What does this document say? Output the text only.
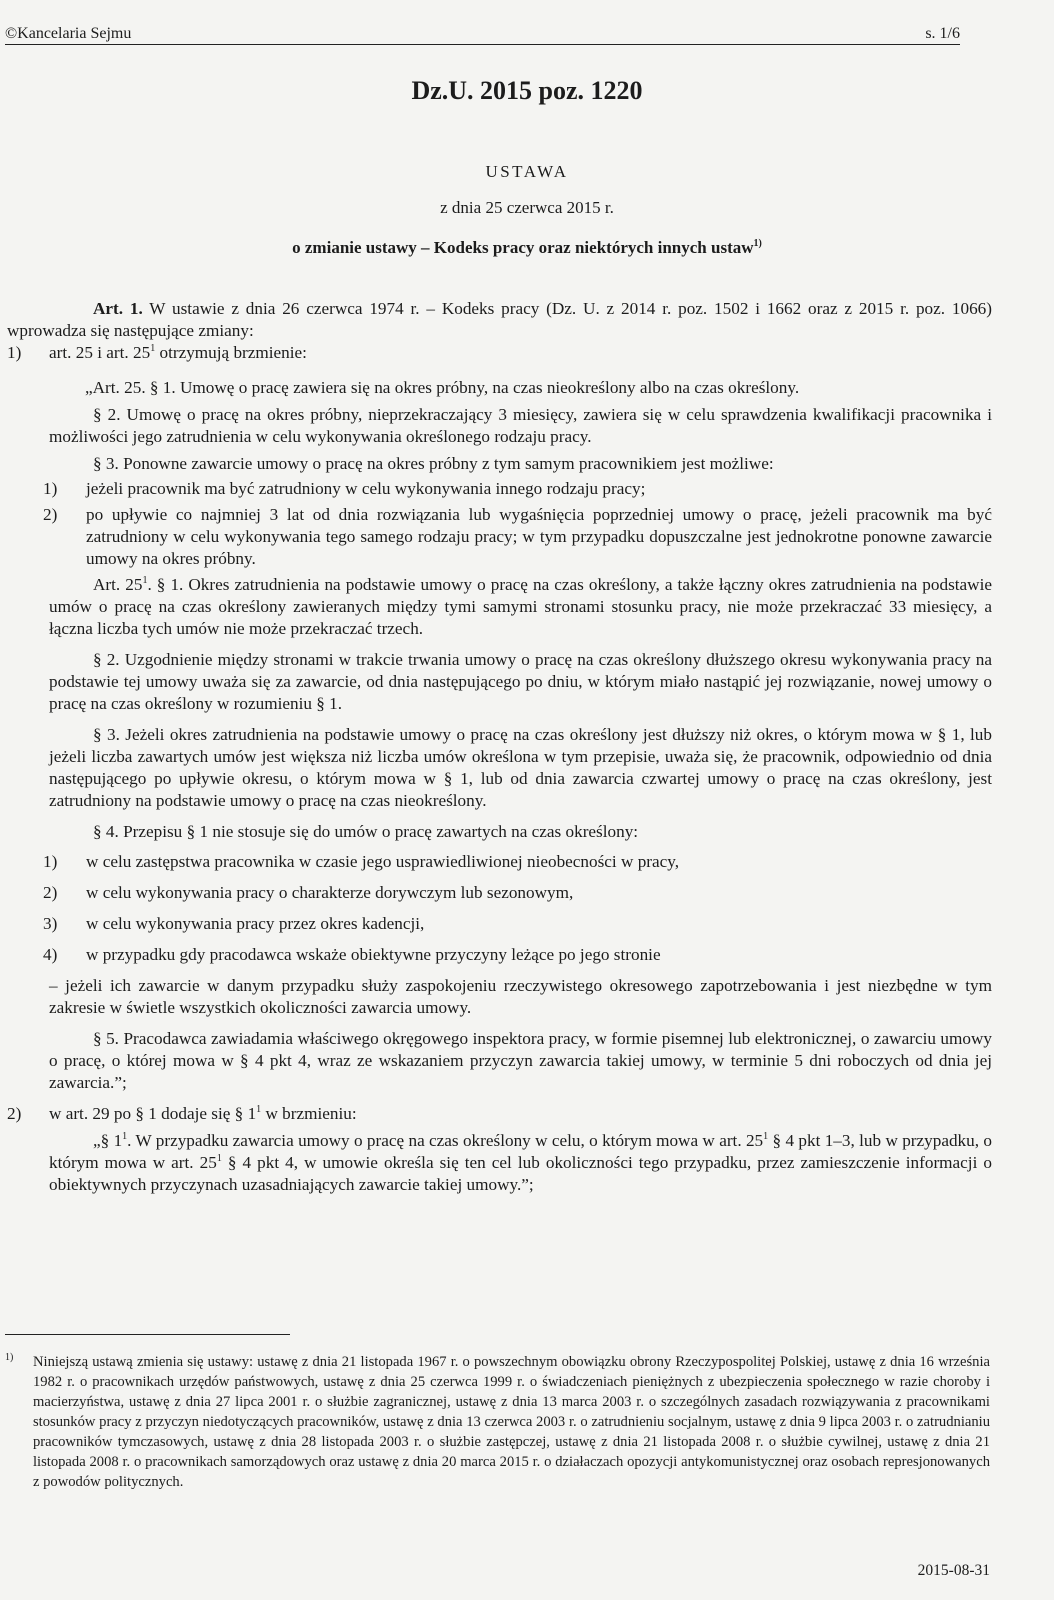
©Kancelaria Sejmu	s. 1/6
Dz.U. 2015 poz. 1220
USTAWA
z dnia 25 czerwca 2015 r.
o zmianie ustawy – Kodeks pracy oraz niektórych innych ustaw$^{1)}$

Art. 1. W ustawie z dnia 26 czerwca 1974 r. – Kodeks pracy (Dz. U. z 2014 r. poz. 1502 i 1662 oraz z 2015 r. poz. 1066) wprowadza się następujące zmiany:

1) art. 25 i art. $25^1$ otrzymują brzmienie:

„Art. 25. § 1. Umowę o pracę zawiera się na okres próbny, na czas nieokreślony albo na czas określony.

§ 2. Umowę o pracę na okres próbny, nieprzekraczający 3 miesięcy, zawiera się w celu sprawdzenia kwalifikacji pracownika i możliwości jego zatrudnienia w celu wykonywania określonego rodzaju pracy.

§ 3. Ponowne zawarcie umowy o pracę na okres próbny z tym samym pracownikiem jest możliwe:

1) jeżeli pracownik ma być zatrudniony w celu wykonywania innego rodzaju pracy;

2) po upływie co najmniej 3 lat od dnia rozwiązania lub wygaśnięcia poprzedniej umowy o pracę, jeżeli pracownik ma być zatrudniony w celu wykonywania tego samego rodzaju pracy; w tym przypadku dopuszczalne jest jednokrotne ponowne zawarcie umowy na okres próbny.

Art. $25^1$. § 1. Okres zatrudnienia na podstawie umowy o pracę na czas określony, a także łączny okres zatrudnienia na podstawie umów o pracę na czas określony zawieranych między tymi samymi stronami stosunku pracy, nie może przekraczać 33 miesięcy, a łączna liczba tych umów nie może przekraczać trzech.

§ 2. Uzgodnienie między stronami w trakcie trwania umowy o pracę na czas określony dłuższego okresu wykonywania pracy na podstawie tej umowy uważa się za zawarcie, od dnia następującego po dniu, w którym miało nastąpić jej rozwiązanie, nowej umowy o pracę na czas określony w rozumieniu § 1.

§ 3. Jeżeli okres zatrudnienia na podstawie umowy o pracę na czas określony jest dłuższy niż okres, o którym mowa w § 1, lub jeżeli liczba zawartych umów jest większa niż liczba umów określona w tym przepisie, uważa się, że pracownik, odpowiednio od dnia następującego po upływie okresu, o którym mowa w § 1, lub od dnia zawarcia czwartej umowy o pracę na czas określony, jest zatrudniony na podstawie umowy o pracę na czas nieokreślony.

§ 4. Przepisu § 1 nie stosuje się do umów o pracę zawartych na czas określony:

1) w celu zastępstwa pracownika w czasie jego usprawiedliwionej nieobecności w pracy,

2) w celu wykonywania pracy o charakterze dorywczym lub sezonowym,

3) w celu wykonywania pracy przez okres kadencji,

4) w przypadku gdy pracodawca wskaże obiektywne przyczyny leżące po jego stronie

– jeżeli ich zawarcie w danym przypadku służy zaspokojeniu rzeczywistego okresowego zapotrzebowania i jest niezbędne w tym zakresie w świetle wszystkich okoliczności zawarcia umowy.

§ 5. Pracodawca zawiadamia właściwego okręgowego inspektora pracy, w formie pisemnej lub elektronicznej, o zawarciu umowy o pracę, o której mowa w § 4 pkt 4, wraz ze wskazaniem przyczyn zawarcia takiej umowy, w terminie 5 dni roboczych od dnia jej zawarcia.”;

2) w art. 29 po § 1 dodaje się § $1^1$ w brzmieniu:

„§ $1^1$. W przypadku zawarcia umowy o pracę na czas określony w celu, o którym mowa w art. $25^1$ § 4 pkt 1–3, lub w przypadku, o którym mowa w art. $25^1$ § 4 pkt 4, w umowie określa się ten cel lub okoliczności tego przypadku, przez zamieszczenie informacji o obiektywnych przyczynach uzasadniających zawarcie takiej umowy.”;

1)	Niniejszą ustawą zmienia się ustawy: ustawę z dnia 21 listopada 1967 r. o powszechnym obowiązku obrony Rzeczypospolitej Polskiej, ustawę z dnia 16 września 1982 r. o pracownikach urzędów państwowych, ustawę z dnia 25 czerwca 1999 r. o świadczeniach pieniężnych z ubezpieczenia społecznego w razie choroby i macierzyństwa, ustawę z dnia 27 lipca 2001 r. o służbie zagranicznej, ustawę z dnia 13 marca 2003 r. o szczególnych zasadach rozwiązywania z pracownikami stosunków pracy z przyczyn niedotyczących pracowników, ustawę z dnia 13 czerwca 2003 r. o zatrudnieniu socjalnym, ustawę z dnia 9 lipca 2003 r. o zatrudnianiu pracowników tymczasowych, ustawę z dnia 28 listopada 2003 r. o służbie zastępczej, ustawę z dnia 21 listopada 2008 r. o służbie cywilnej, ustawę z dnia 21 listopada 2008 r. o pracownikach samorządowych oraz ustawę z dnia 20 marca 2015 r. o działaczach opozycji antykomunistycznej oraz osobach represjonowanych z powodów politycznych.

2015-08-31
